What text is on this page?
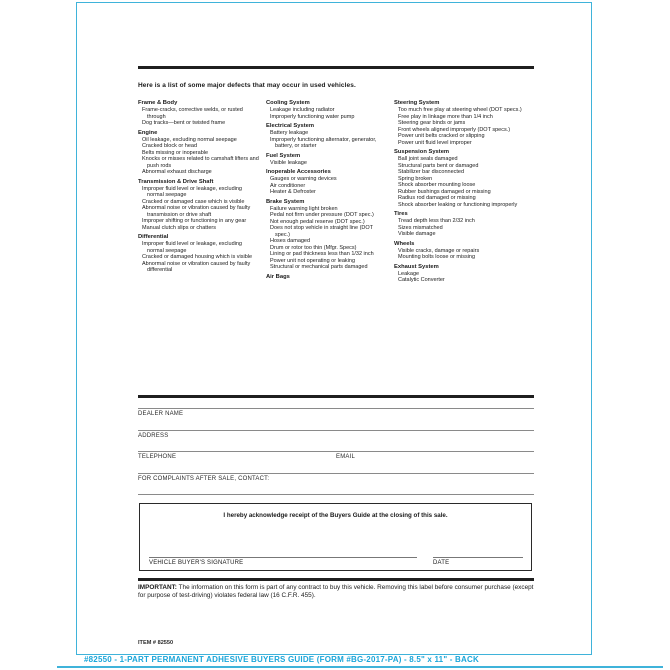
Here is a list of some major defects that may occur in used vehicles.
Frame & Body
Frame-cracks, corrective welds, or rusted through
Dog tracks—bent or twisted frame
Engine
Oil leakage, excluding normal seepage
Cracked block or head
Belts missing or inoperable
Knocks or misses related to camshaft lifters and push rods
Abnormal exhaust discharge
Transmission & Drive Shaft
Improper fluid level or leakage, excluding normal seepage
Cracked or damaged case which is visible
Abnormal noise or vibration caused by faulty transmission or drive shaft
Improper shifting or functioning in any gear
Manual clutch slips or chatters
Differential
Improper fluid level or leakage, excluding normal seepage
Cracked or damaged housing which is visible
Abnormal noise or vibration caused by faulty differential
Cooling System
Leakage including radiator
Improperly functioning water pump
Electrical System
Battery leakage
Improperly functioning alternator, generator, battery, or starter
Fuel System
Visible leakage
Inoperable Accessories
Gauges or warning devices
Air conditioner
Heater & Defroster
Brake System
Failure warning light broken
Pedal not firm under pressure (DOT spec.)
Not enough pedal reserve (DOT spec.)
Does not stop vehicle in straight line (DOT spec.)
Hoses damaged
Drum or rotor too thin (Mfgr. Specs)
Lining or pad thickness less than 1/32 inch
Power unit not operating or leaking
Structural or mechanical parts damaged
Air Bags
Steering System
Too much free play at steering wheel (DOT specs.)
Free play in linkage more than 1/4 inch
Steering gear binds or jams
Front wheels aligned improperly (DOT specs.)
Power unit belts cracked or slipping
Power unit fluid level improper
Suspension System
Ball joint seals damaged
Structural parts bent or damaged
Stabilizer bar disconnected
Spring broken
Shock absorber mounting loose
Rubber bushings damaged or missing
Radius rod damaged or missing
Shock absorber leaking or functioning improperly
Tires
Tread depth less than 2/32 inch
Sizes mismatched
Visible damage
Wheels
Visible cracks, damage or repairs
Mounting bolts loose or missing
Exhaust System
Leakage
Catalytic Converter
DEALER NAME
ADDRESS
TELEPHONE	EMAIL
FOR COMPLAINTS AFTER SALE, CONTACT:
I hereby acknowledge receipt of the Buyers Guide at the closing of this sale.
VEHICLE BUYER'S SIGNATURE	DATE
IMPORTANT: The information on this form is part of any contract to buy this vehicle. Removing this label before consumer purchase (except for purpose of test-driving) violates federal law (16 C.F.R. 455).
ITEM # 82550
#82550 - 1-PART PERMANENT ADHESIVE BUYERS GUIDE (FORM #BG-2017-PA) - 8.5" x 11" - BACK
